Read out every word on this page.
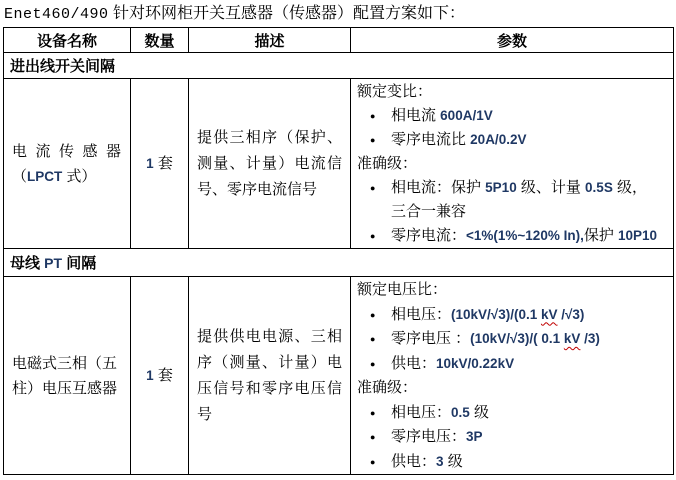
Enet460/490 针对环网柜开关互感器（传感器）配置方案如下：
设备名称	数量	描述	参数
进出线开关间隔			

电流传感器
（LPCT 式）
	1 套	提供三相序（保护、测量、计量）电流信号、零序电流信号	
额定变比：
●	相电流 600A/1V
●	零序电流比 20A/0.2V
准确级：
●	相电流：保护 5P10 级、计量 0.5S 级，
三合一兼容
●	零序电流：<1%(1%~120% In),保护 10P10

母线 PT 间隔			
电磁式三相（五柱）电压互感器	1 套	提供供电电源、三相序（测量、计量）电压信号和零序电压信号	
额定电压比：
●	相电压：(10kV/√3)/(0.1 kV /√3)
●	零序电压 ：(10kV/√3)/( 0.1 kV /3)
●	供电：10kV/0.22kV
准确级：
●	相电压：0.5 级
●	零序电压：3P
●	供电：3 级
